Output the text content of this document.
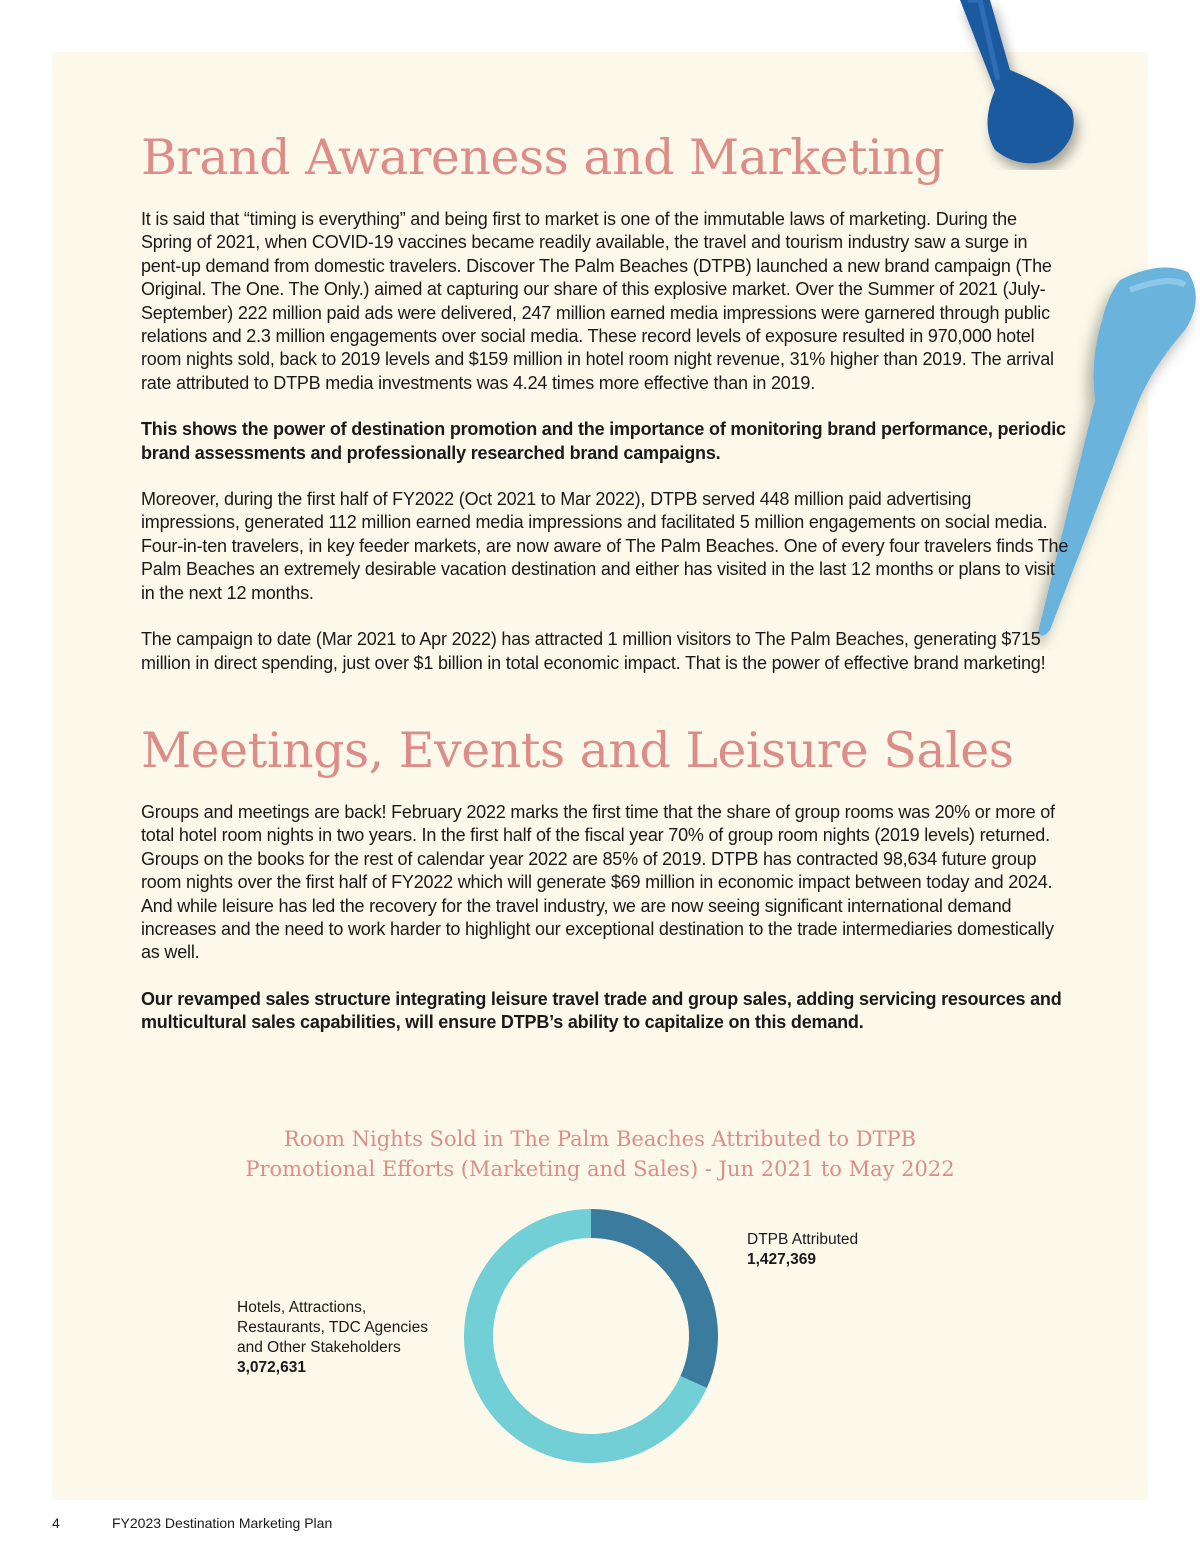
Brand Awareness and Marketing

It is said that “timing is everything” and being first to market is one of the immutable laws of marketing. During the Spring of 2021, when COVID-19 vaccines became readily available, the travel and tourism industry saw a surge in pent-up demand from domestic travelers. Discover The Palm Beaches (DTPB) launched a new brand campaign (The Original. The One. The Only.) aimed at capturing our share of this explosive market. Over the Summer of 2021 (July-September) 222 million paid ads were delivered, 247 million earned media impressions were garnered through public relations and 2.3 million engagements over social media. These record levels of exposure resulted in 970,000 hotel room nights sold, back to 2019 levels and $159 million in hotel room night revenue, 31% higher than 2019. The arrival rate attributed to DTPB media investments was 4.24 times more effective than in 2019.

This shows the power of destination promotion and the importance of monitoring brand performance, periodic brand assessments and professionally researched brand campaigns.

Moreover, during the first half of FY2022 (Oct 2021 to Mar 2022), DTPB served 448 million paid advertising impressions, generated 112 million earned media impressions and facilitated 5 million engagements on social media. Four-in-ten travelers, in key feeder markets, are now aware of The Palm Beaches. One of every four travelers finds The Palm Beaches an extremely desirable vacation destination and either has visited in the last 12 months or plans to visit in the next 12 months.

The campaign to date (Mar 2021 to Apr 2022) has attracted 1 million visitors to The Palm Beaches, generating $715 million in direct spending, just over $1 billion in total economic impact. That is the power of effective brand marketing!

Meetings, Events and Leisure Sales

Groups and meetings are back! February 2022 marks the first time that the share of group rooms was 20% or more of total hotel room nights in two years. In the first half of the fiscal year 70% of group room nights (2019 levels) returned. Groups on the books for the rest of calendar year 2022 are 85% of 2019. DTPB has contracted 98,634 future group room nights over the first half of FY2022 which will generate $69 million in economic impact between today and 2024. And while leisure has led the recovery for the travel industry, we are now seeing significant international demand increases and the need to work harder to highlight our exceptional destination to the trade intermediaries domestically as well.

Our revamped sales structure integrating leisure travel trade and group sales, adding servicing resources and multicultural sales capabilities, will ensure DTPB’s ability to capitalize on this demand.

Room Nights Sold in The Palm Beaches Attributed to DTPB
Promotional Efforts (Marketing and Sales) - Jun 2021 to May 2022
DTPB Attributed
1,427,369
Hotels, Attractions, Restaurants, TDC Agencies and Other Stakeholders
3,072,631
4	FY2023 Destination Marketing Plan
